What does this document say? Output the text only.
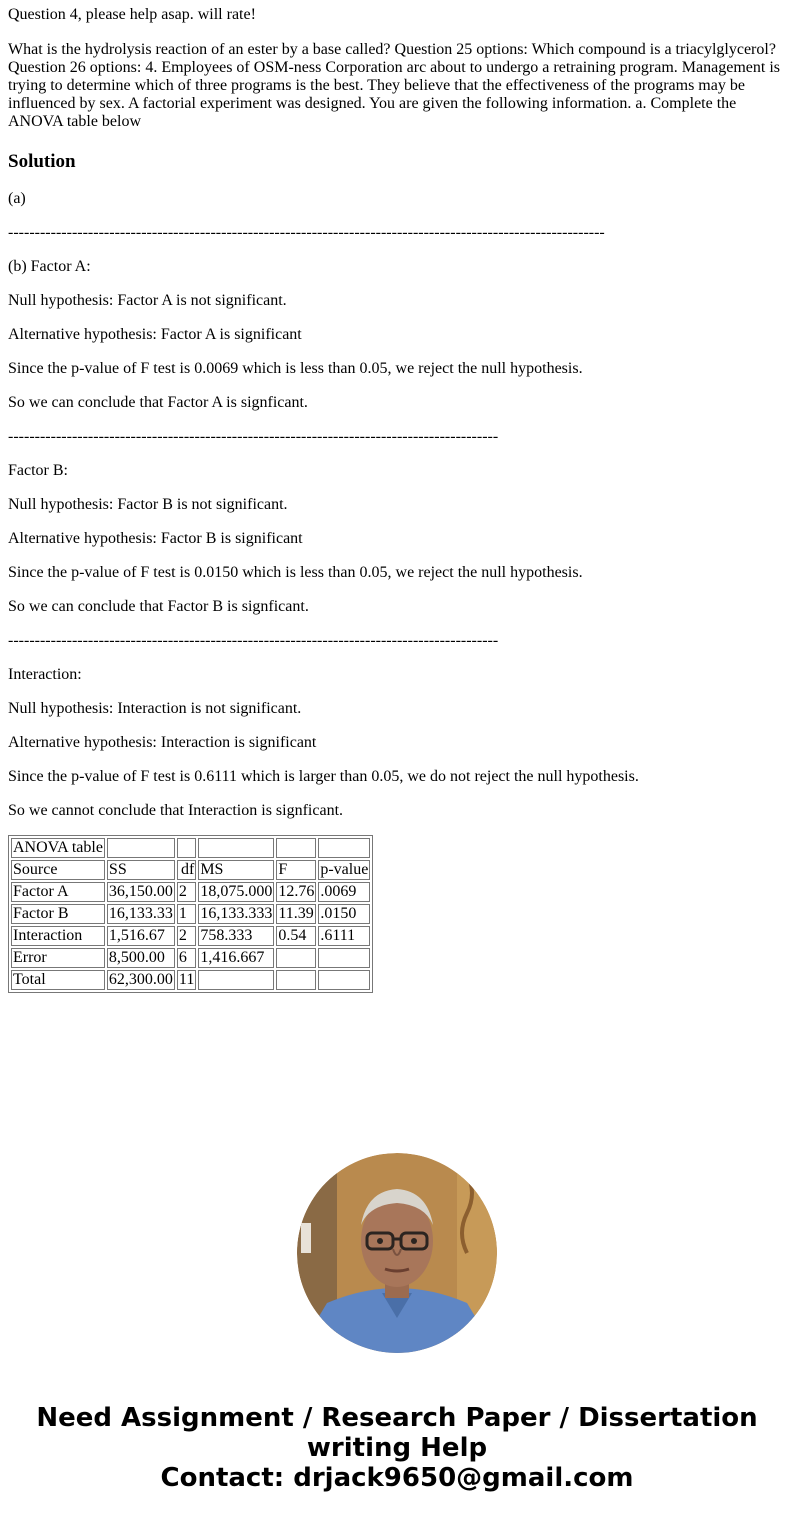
Question 4, please help asap. will rate!

What is the hydrolysis reaction of an ester by a base called? Question 25 options: Which compound is a triacylglycerol? Question 26 options: 4. Employees of OSM-ness Corporation arc about to undergo a retraining program. Management is trying to determine which of three programs is the best. They believe that the effectiveness of the programs may be influenced by sex. A factorial experiment was designed. You are given the following information. a. Complete the ANOVA table below

Solution

(a)

----------------------------------------------------------------------------------------------------------------

(b) Factor A:

Null hypothesis: Factor A is not significant.

Alternative hypothesis: Factor A is significant

Since the p-value of F test is 0.0069 which is less than 0.05, we reject the null hypothesis.

So we can conclude that Factor A is signficant.

--------------------------------------------------------------------------------------------

Factor B:

Null hypothesis: Factor B is not significant.

Alternative hypothesis: Factor B is significant

Since the p-value of F test is 0.0150 which is less than 0.05, we reject the null hypothesis.

So we can conclude that Factor B is signficant.

--------------------------------------------------------------------------------------------

Interaction:

Null hypothesis: Interaction is not significant.

Alternative hypothesis: Interaction is significant

Since the p-value of F test is 0.6111 which is larger than 0.05, we do not reject the null hypothesis.

So we cannot conclude that Interaction is signficant.

ANOVA table					
Source	SS	df	MS	F	p-value
Factor A	36,150.00	2	18,075.000	12.76	.0069
Factor B	16,133.33	1	16,133.333	11.39	.0150
Interaction	1,516.67	2	758.333	0.54	.6111
Error	8,500.00	6	1,416.667		
Total	62,300.00	11			
Need Assignment / Research Paper / Dissertation
writing Help
Contact: drjack9650@gmail.com
